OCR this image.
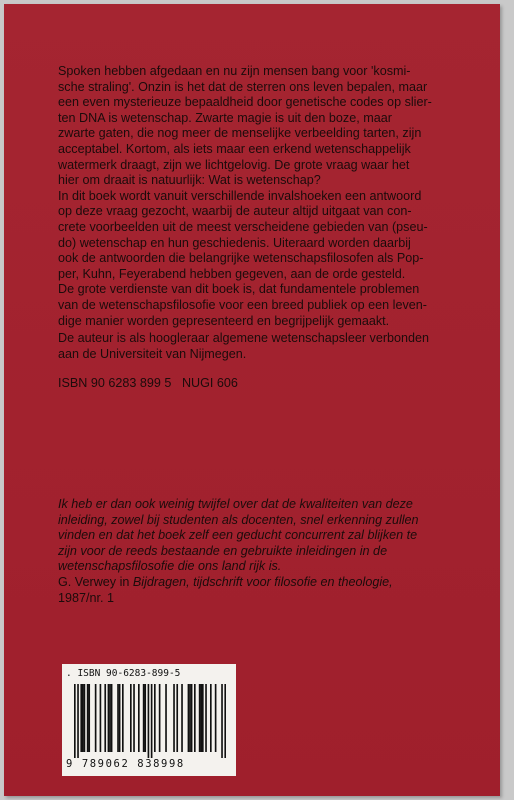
Spoken hebben afgedaan en nu zijn mensen bang voor 'kosmi-

sche straling'. Onzin is het dat de sterren ons leven bepalen, maar

een even mysterieuze bepaaldheid door genetische codes op slier-

ten DNA is wetenschap. Zwarte magie is uit den boze, maar

zwarte gaten, die nog meer de menselijke verbeelding tarten, zijn

acceptabel. Kortom, als iets maar een erkend wetenschappelijk

watermerk draagt, zijn we lichtgelovig. De grote vraag waar het

hier om draait is natuurlijk: Wat is wetenschap?

In dit boek wordt vanuit verschillende invalshoeken een antwoord

op deze vraag gezocht, waarbij de auteur altijd uitgaat van con-

crete voorbeelden uit de meest verscheidene gebieden van (pseu-

do) wetenschap en hun geschiedenis. Uiteraard worden daarbij

ook de antwoorden die belangrijke wetenschapsfilosofen als Pop-

per, Kuhn, Feyerabend hebben gegeven, aan de orde gesteld.

De grote verdienste van dit boek is, dat fundamentele problemen

van de wetenschapsfilosofie voor een breed publiek op een leven-

dige manier worden gepresenteerd en begrijpelijk gemaakt.

De auteur is als hoogleraar algemene wetenschapsleer verbonden
aan de Universiteit van Nijmegen.
ISBN 90 6283 899 5 NUGI 606
Ik heb er dan ook weinig twijfel over dat de kwaliteiten van deze
inleiding, zowel bij studenten als docenten, snel erkenning zullen
vinden en dat het boek zelf een geducht concurrent zal blijken te
zijn voor de reeds bestaande en gebruikte inleidingen in de
wetenschapsfilosofie die ons land rijk is.
G. Verwey in Bijdragen, tijdschrift voor filosofie en theologie,
1987/nr. 1
. ISBN 90-6283-899-5
9 789062 838998
